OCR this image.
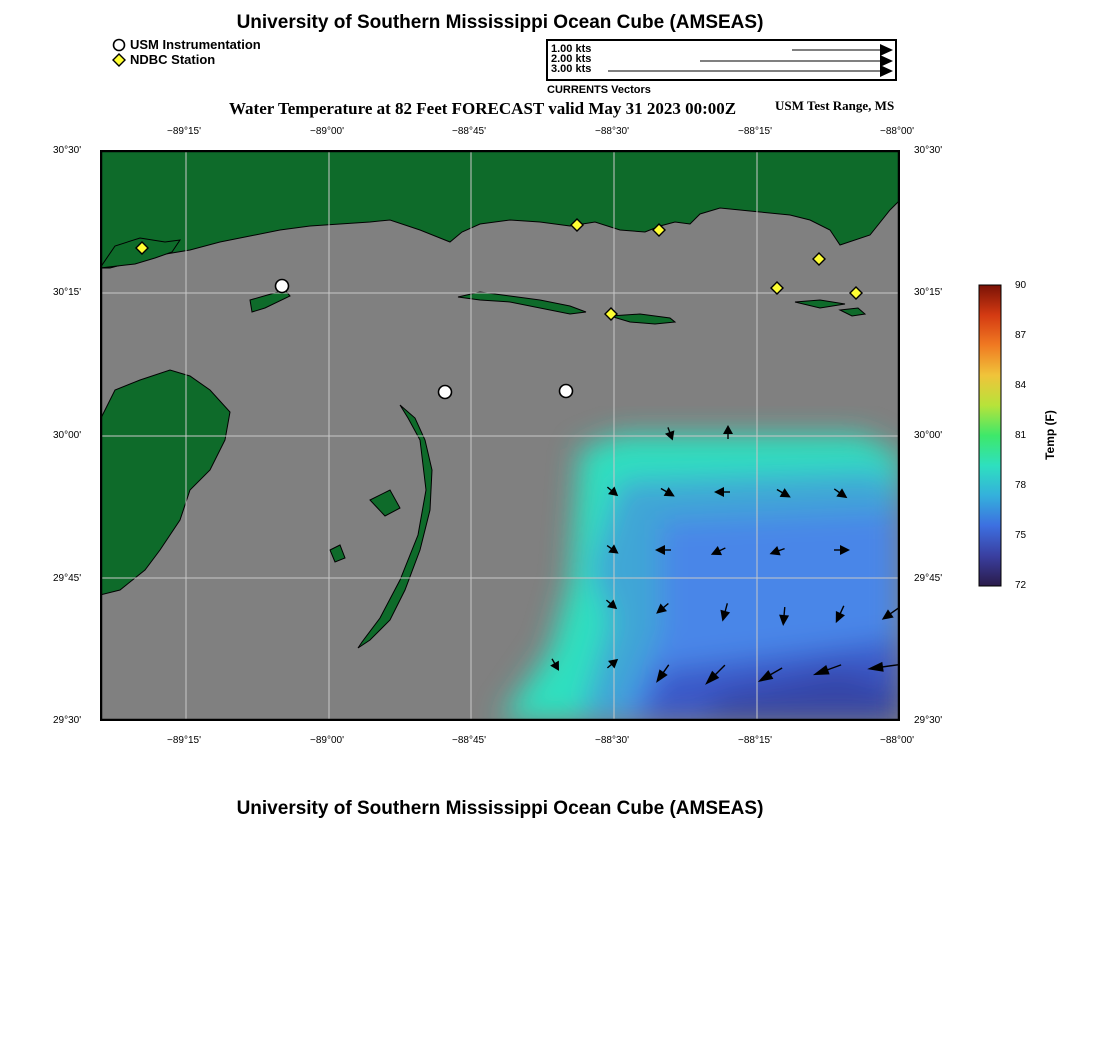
University of Southern Mississippi Ocean Cube (AMSEAS)
USM Instrumentation
NDBC Station
1.00 kts
2.00 kts
3.00 kts
CURRENTS Vectors
Water Temperature at 82 Feet FORECAST valid May 31 2023 00:00Z	USM Test Range, MS
−89°15'	−89°00'	−88°45'	−88°30'	−88°15'	−88°00'
−89°15'	−89°00'	−88°45'	−88°30'	−88°15'	−88°00'
30°30'
30°15'
30°00'
29°45'
29°30'
30°30'
30°15'
30°00'
29°45'
29°30'
90
87
84
81
78
75
72
Temp (F)
University of Southern Mississippi Ocean Cube (AMSEAS)
